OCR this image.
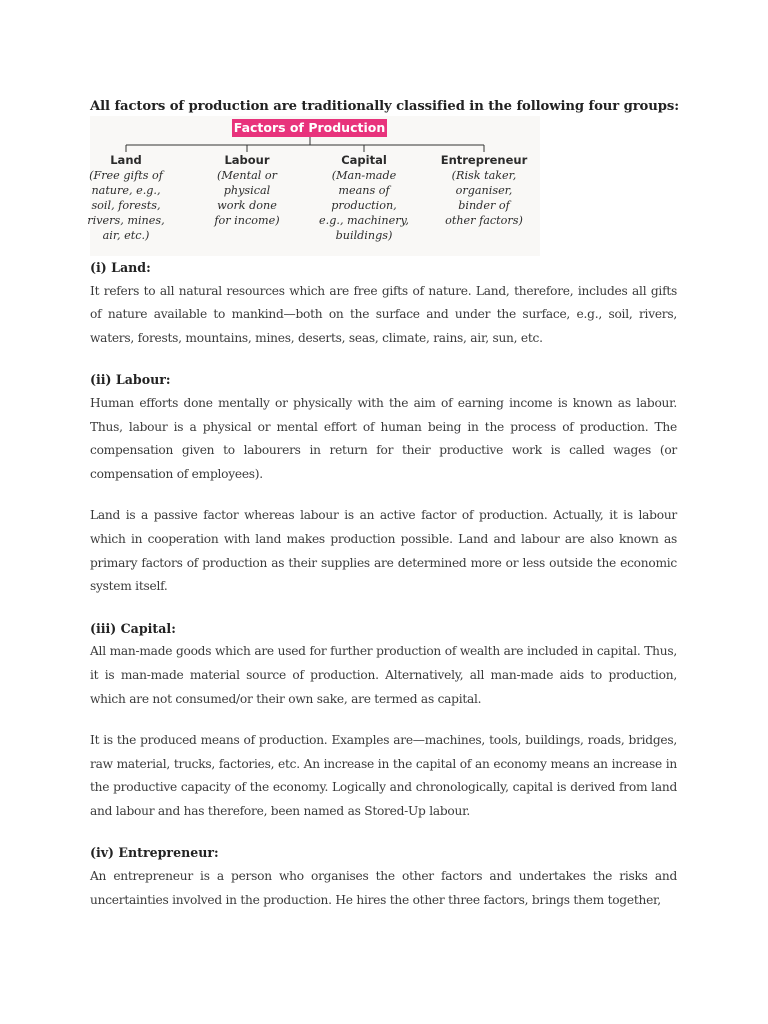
All factors of production are traditionally classified in the following four groups:
Factors of Production
Land
(Free gifts of
nature, e.g.,
soil, forests,
rivers, mines,
air, etc.)
Labour
(Mental or
physical
work done
for income)
Capital
(Man-made
means of
production,
e.g., machinery,
buildings)
Entrepreneur
(Risk taker,
organiser,
binder of
other factors)
(i) Land:

It refers to all natural resources which are free gifts of nature. Land, therefore, includes all gifts of nature available to mankind—both on the surface and under the surface, e.g., soil, rivers, waters, forests, mountains, mines, deserts, seas, climate, rains, air, sun, etc.

(ii) Labour:

Human efforts done mentally or physically with the aim of earning income is known as labour. Thus, labour is a physical or mental effort of human being in the process of production. The compensation given to labourers in return for their productive work is called wages (or compensation of employees).

Land is a passive factor whereas labour is an active factor of production. Actually, it is labour which in cooperation with land makes production possible. Land and labour are also known as primary factors of production as their supplies are determined more or less outside the economic system itself.

(iii) Capital:

All man-made goods which are used for further production of wealth are included in capital. Thus, it is man-made material source of production. Alternatively, all man-made aids to production, which are not consumed/or their own sake, are termed as capital.

It is the produced means of production. Examples are—machines, tools, buildings, roads, bridges, raw material, trucks, factories, etc. An increase in the capital of an economy means an increase in the productive capacity of the economy. Logically and chronologically, capital is derived from land and labour and has therefore, been named as Stored-Up labour.

(iv) Entrepreneur:

An entrepreneur is a person who organises the other factors and undertakes the risks and uncertainties involved in the production. He hires the other three factors, brings them together,
